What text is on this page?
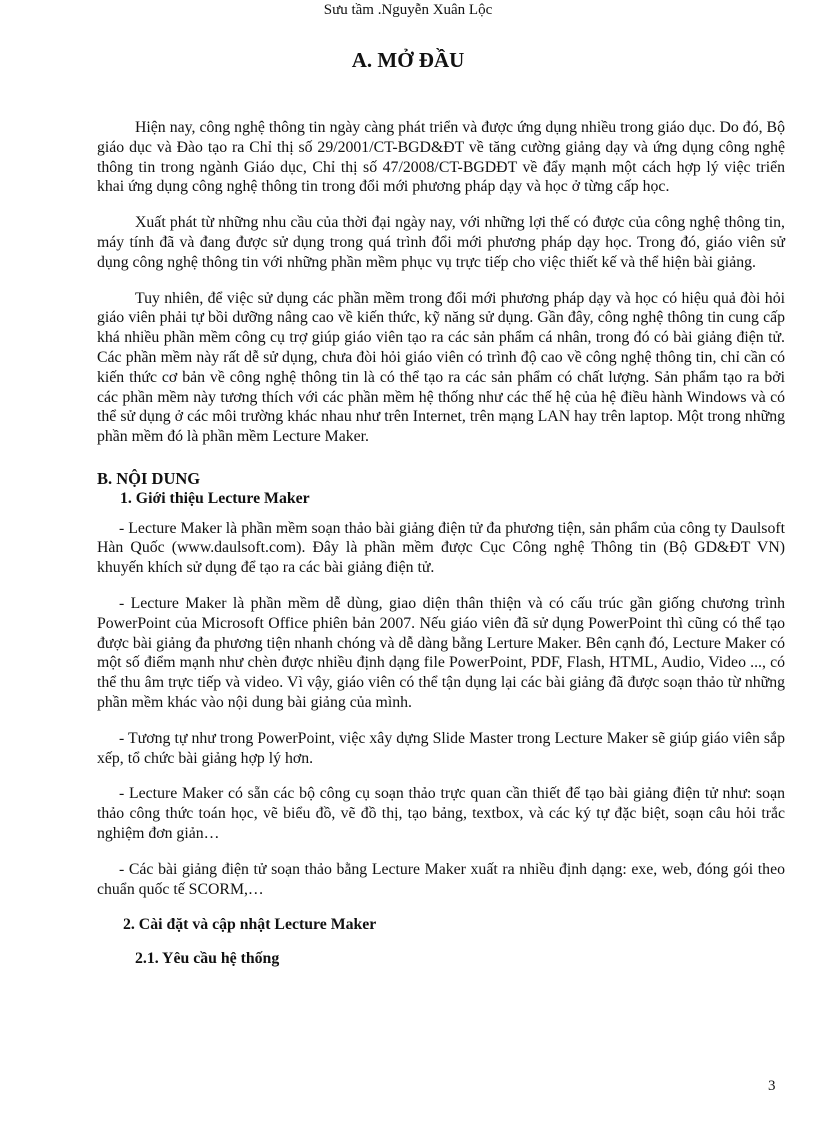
Sưu tầm .Nguyễn Xuân Lộc
A. MỞ ĐẦU

Hiện nay, công nghệ thông tin ngày càng phát triển và được ứng dụng nhiều trong giáo dục. Do đó, Bộ giáo dục và Đào tạo ra Chỉ thị số 29/2001/CT-BGD&ĐT về tăng cường giảng dạy và ứng dụng công nghệ thông tin trong ngành Giáo dục, Chỉ thị số 47/2008/CT-BGDĐT về đẩy mạnh một cách hợp lý việc triển khai ứng dụng công nghệ thông tin trong đổi mới phương pháp dạy và học ở từng cấp học.

Xuất phát từ những nhu cầu của thời đại ngày nay, với những lợi thế có được của công nghệ thông tin, máy tính đã và đang được sử dụng trong quá trình đổi mới phương pháp dạy học. Trong đó, giáo viên sử dụng công nghệ thông tin với những phần mềm phục vụ trực tiếp cho việc thiết kế và thể hiện bài giảng.

Tuy nhiên, để việc sử dụng các phần mềm trong đổi mới phương pháp dạy và học có hiệu quả đòi hỏi giáo viên phải tự bồi dưỡng nâng cao về kiến thức, kỹ năng sử dụng. Gần đây, công nghệ thông tin cung cấp khá nhiều phần mềm công cụ trợ giúp giáo viên tạo ra các sản phẩm cá nhân, trong đó có bài giảng điện tử. Các phần mềm này rất dễ sử dụng, chưa đòi hỏi giáo viên có trình độ cao về công nghệ thông tin, chỉ cần có kiến thức cơ bản về công nghệ thông tin là có thể tạo ra các sản phẩm có chất lượng. Sản phẩm tạo ra bởi các phần mềm này tương thích với các phần mềm hệ thống như các thế hệ của hệ điều hành Windows và có thể sử dụng ở các môi trường khác nhau như trên Internet, trên mạng LAN hay trên laptop. Một trong những phần mềm đó là phần mềm Lecture Maker.

B. NỘI DUNG

1. Giới thiệu Lecture Maker

- Lecture Maker là phần mềm soạn thảo bài giảng điện tử đa phương tiện, sản phẩm của công ty Daulsoft Hàn Quốc (www.daulsoft.com). Đây là phần mềm được Cục Công nghệ Thông tin (Bộ GD&ĐT VN) khuyến khích sử dụng để tạo ra các bài giảng điện tử.

- Lecture Maker là phần mềm dễ dùng, giao diện thân thiện và có cấu trúc gần giống chương trình PowerPoint của Microsoft Office phiên bản 2007. Nếu giáo viên đã sử dụng PowerPoint thì cũng có thể tạo được bài giảng đa phương tiện nhanh chóng và dễ dàng bằng Lerture Maker. Bên cạnh đó, Lecture Maker có một số điểm mạnh như chèn được nhiều định dạng file PowerPoint, PDF, Flash, HTML, Audio, Video ..., có thể thu âm trực tiếp và video. Vì vậy, giáo viên có thể tận dụng lại các bài giảng đã được soạn thảo từ những phần mềm khác vào nội dung bài giảng của mình.

- Tương tự như trong PowerPoint, việc xây dựng Slide Master trong Lecture Maker sẽ giúp giáo viên sắp xếp, tổ chức bài giảng hợp lý hơn.

- Lecture Maker có sẵn các bộ công cụ soạn thảo trực quan cần thiết để tạo bài giảng điện tử như: soạn thảo công thức toán học, vẽ biểu đồ, vẽ đồ thị, tạo bảng, textbox, và các ký tự đặc biệt, soạn câu hỏi trắc nghiệm đơn giản…

- Các bài giảng điện tử soạn thảo bằng Lecture Maker xuất ra nhiều định dạng: exe, web, đóng gói theo chuẩn quốc tế SCORM,…

2. Cài đặt và cập nhật Lecture Maker

2.1. Yêu cầu hệ thống

3
